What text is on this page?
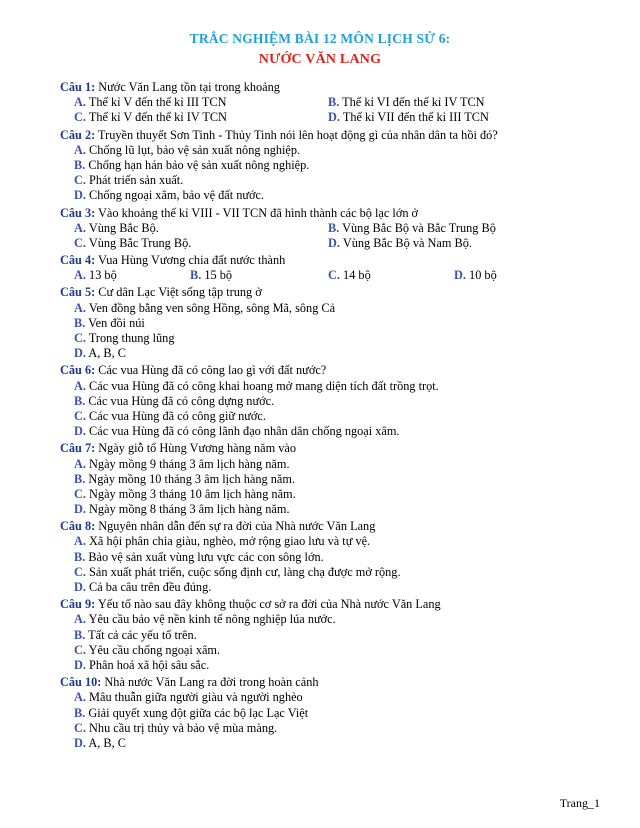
TRẮC NGHIỆM BÀI 12 MÔN LỊCH SỬ 6:
NƯỚC VĂN LANG
Câu 1: Nước Văn Lang tồn tại trong khoảng
A. Thế kỉ V đến thế kỉ III TCN	B. Thế kỉ VI đến thế kỉ IV TCN
C. Thế kỉ V đến thế kỉ IV TCN	D. Thế kỉ VII đến thế kỉ III TCN
Câu 2: Truyền thuyết Sơn Tinh - Thủy Tinh nói lên hoạt động gì của nhân dân ta hồi đó?
A. Chống lũ lụt, bảo vệ sản xuất nông nghiệp.
B. Chống hạn hán bảo vệ sản xuất nông nghiệp.
C. Phát triển sản xuất.
D. Chống ngoại xâm, bảo vệ đất nước.
Câu 3: Vào khoảng thế kỉ VIII - VII TCN đã hình thành các bộ lạc lớn ở
A. Vùng Bắc Bộ.	B. Vùng Bắc Bộ và Bắc Trung Bộ
C. Vùng Bắc Trung Bộ.	D. Vùng Bắc Bộ và Nam Bộ.
Câu 4: Vua Hùng Vương chia đất nước thành
A. 13 bộ	B. 15 bộ	C. 14 bộ	D. 10 bộ
Câu 5: Cư dân Lạc Việt sống tập trung ở
A. Ven đồng bằng ven sông Hồng, sông Mã, sông Cả
B. Ven đồi núi
C. Trong thung lũng
D. A, B, C
Câu 6: Các vua Hùng đã có công lao gì với đất nước?
A. Các vua Hùng đã có công khai hoang mở mang diện tích đất trồng trọt.
B. Các vua Hùng đã có công dựng nước.
C. Các vua Hùng đã có công giữ nước.
D. Các vua Hùng đã có công lãnh đạo nhân dân chống ngoại xâm.
Câu 7: Ngày giỗ tổ Hùng Vương hàng năm vào
A. Ngày mồng 9 tháng 3 âm lịch hàng năm.
B. Ngày mồng 10 tháng 3 âm lịch hàng năm.
C. Ngày mồng 3 tháng 10 âm lịch hàng năm.
D. Ngày mồng 8 tháng 3 âm lịch hàng năm.
Câu 8: Nguyên nhân dẫn đến sự ra đời của Nhà nước Văn Lang
A. Xã hội phân chia giàu, nghèo, mở rộng giao lưu và tự vệ.
B. Bảo vệ sản xuất vùng lưu vực các con sông lớn.
C. Sản xuất phát triển, cuộc sống định cư, làng chạ được mở rộng.
D. Cả ba câu trên đều đúng.
Câu 9: Yếu tố nào sau đây không thuộc cơ sở ra đời của Nhà nước Văn Lang
A. Yêu cầu bảo vệ nền kinh tế nông nghiệp lúa nước.
B. Tất cả các yếu tố trên.
C. Yêu cầu chống ngoại xâm.
D. Phân hoá xã hội sâu sắc.
Câu 10: Nhà nước Văn Lang ra đời trong hoàn cảnh
A. Mâu thuẫn giữa người giàu và người nghèo
B. Giải quyết xung đột giữa các bộ lạc Lạc Việt
C. Nhu cầu trị thủy và bảo vệ mùa màng.
D. A, B, C
Trang_1
